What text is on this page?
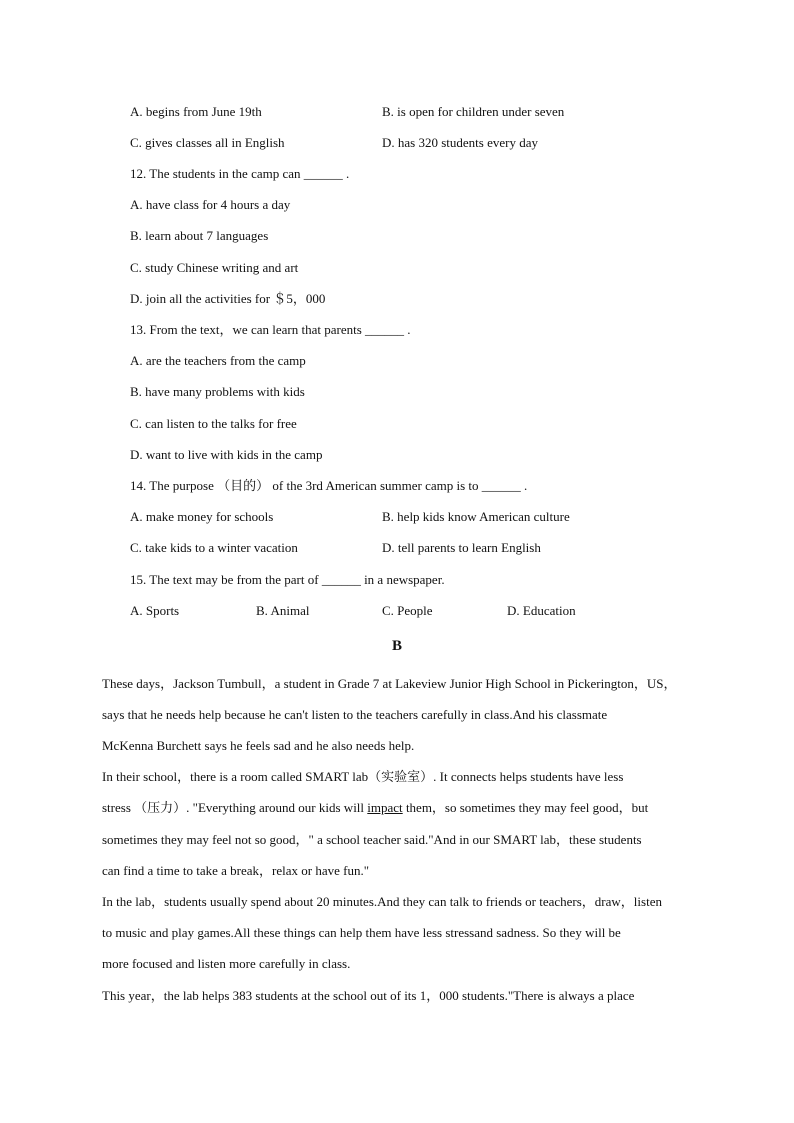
A. begins from June 19th	B. is open for children under seven
C. gives classes all in English	D. has 320 students every day
12. The students in the camp can ______ .
A. have class for 4 hours a day
B. learn about 7 languages
C. study Chinese writing and art
D. join all the activities for ＄5，000
13. From the text，we can learn that parents ______ .
A. are the teachers from the camp
B. have many problems with kids
C. can listen to the talks for free
D. want to live with kids in the camp
14. The purpose （目的） of the 3rd American summer camp is to ______ .
A. make money for schools	B. help kids know American culture
C. take kids to a winter vacation	D. tell parents to learn English
15. The text may be from the part of ______ in a newspaper.
A. Sports	B. Animal	C. People	D. Education
B
These days，Jackson Tumbull，a student in Grade 7 at Lakeview Junior High School in Pickerington，US，
says that he needs help because he can't listen to the teachers carefully in class.And his classmate
McKenna Burchett says he feels sad and he also needs help.
In their school，there is a room called SMART lab（实验室）. It connects helps students have less
stress （压力）. "Everything around our kids will impact them，so sometimes they may feel good，but
sometimes they may feel not so good，" a school teacher said."And in our SMART lab，these students
can find a time to take a break，relax or have fun."
In the lab，students usually spend about 20 minutes.And they can talk to friends or teachers，draw，listen
to music and play games.All these things can help them have less stressand sadness. So they will be
more focused and listen more carefully in class.
This year，the lab helps 383 students at the school out of its 1，000 students."There is always a place
